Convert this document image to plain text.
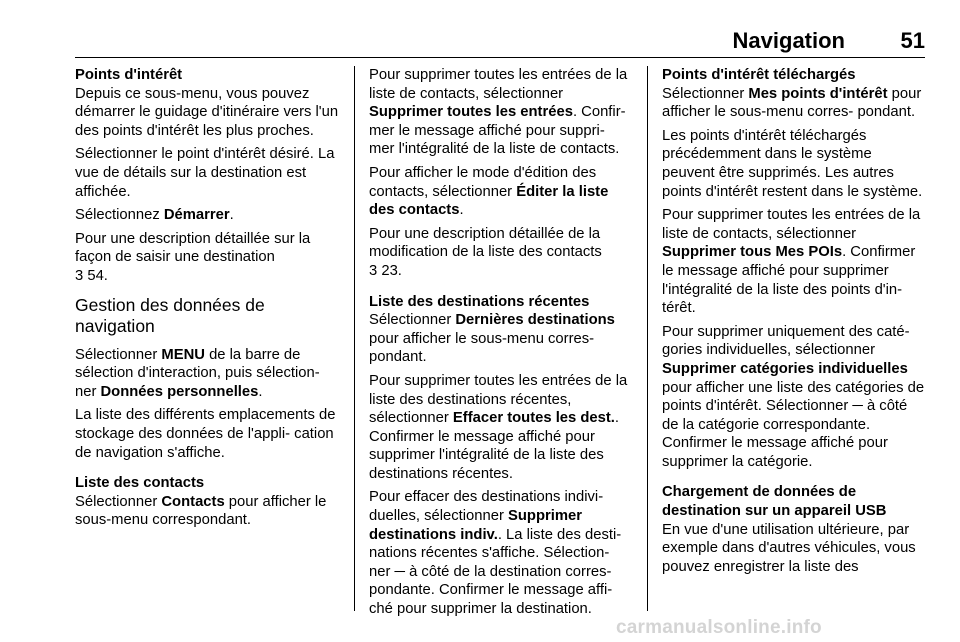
Navigation	51
Points d'intérêt

Depuis ce sous-menu, vous pouvez démarrer le guidage d'itinéraire vers l'un des points d'intérêt les plus proches.

Sélectionner le point d'intérêt désiré. La vue de détails sur la destination est affichée.

Sélectionnez Démarrer.

Pour une description détaillée sur la façon de saisir une destination
3 54.

Gestion des données de navigation

Sélectionner MENU de la barre de sélection d'interaction, puis sélection‐ ner Données personnelles.

La liste des différents emplacements de stockage des données de l'appli‐ cation de navigation s'affiche.

Liste des contacts

Sélectionner Contacts pour afficher le sous-menu correspondant.

Pour supprimer toutes les entrées de la liste de contacts, sélectionner Supprimer toutes les entrées. Confir‐ mer le message affiché pour suppri‐ mer l'intégralité de la liste de contacts.

Pour afficher le mode d'édition des contacts, sélectionner Éditer la liste des contacts.

Pour une description détaillée de la modification de la liste des contacts
3 23.

Liste des destinations récentes

Sélectionner Dernières destinations pour afficher le sous-menu corres‐ pondant.

Pour supprimer toutes les entrées de la liste des destinations récentes, sélectionner Effacer toutes les dest.. Confirmer le message affiché pour supprimer l'intégralité de la liste des destinations récentes.

Pour effacer des destinations indivi‐ duelles, sélectionner Supprimer destinations indiv.. La liste des desti‐ nations récentes s'affiche. Sélection‐ ner ─ à côté de la destination corres‐ pondante. Confirmer le message affi‐ ché pour supprimer la destination.

Points d'intérêt téléchargés

Sélectionner Mes points d'intérêt pour afficher le sous-menu corres‐ pondant.

Les points d'intérêt téléchargés précédemment dans le système peuvent être supprimés. Les autres points d'intérêt restent dans le système.

Pour supprimer toutes les entrées de la liste de contacts, sélectionner Supprimer tous Mes POIs. Confirmer le message affiché pour supprimer l'intégralité de la liste des points d'in‐ térêt.

Pour supprimer uniquement des caté‐ gories individuelles, sélectionner Supprimer catégories individuelles pour afficher une liste des catégories de points d'intérêt. Sélectionner ─ à côté de la catégorie correspondante. Confirmer le message affiché pour supprimer la catégorie.

Chargement de données de destination sur un appareil USB

En vue d'une utilisation ultérieure, par exemple dans d'autres véhicules, vous pouvez enregistrer la liste des

carmanualsonline.info
